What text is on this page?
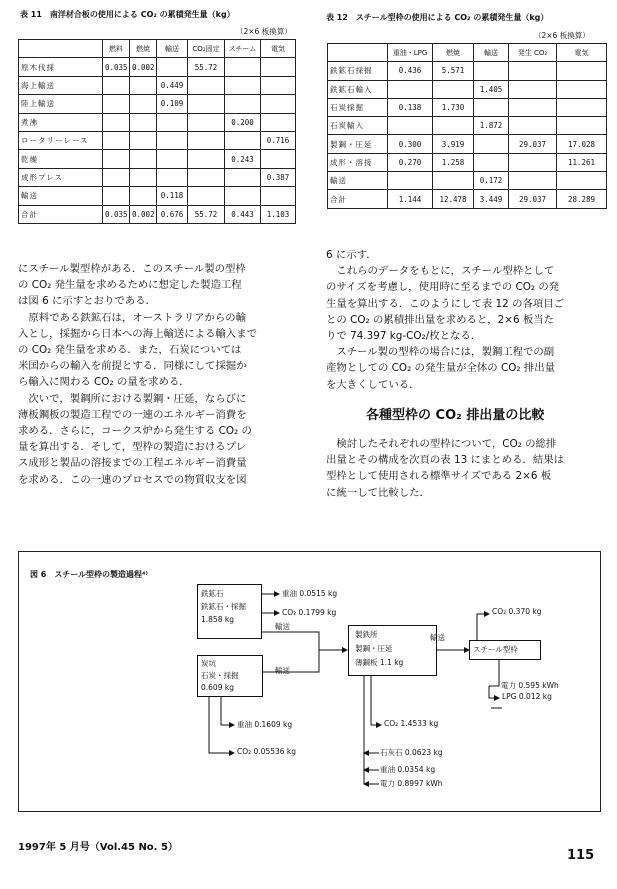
表 11　南洋材合板の使用による CO₂ の累積発生量（kg）
（2×6 板換算）
	燃料	燃焼	輸送	CO₂固定	スチーム	電気
原木伐採	0.035	0.002		55.72		
海上輸送			0.449			
陸上輸送			0.109			
煮沸					0.200	
ロータリーレース						0.716
乾燥					0.243	
成形プレス						0.387
輸送			0.118			
合計	0.035	0.002	0.676	55.72	0.443	1.103
表 12　スチール型枠の使用による CO₂ の累積発生量（kg）
（2×6 板換算）
	重油・LPG	燃焼	輸送	発生 CO₂	電気
鉄鉱石採掘	0.436	5.571			
鉄鉱石輸入			1.405		
石炭採掘	0.138	1.730			
石炭輸入			1.872		
製鋼・圧延	0.300	3.919		29.037	17.028
成形・溶接	0.270	1.258			11.261
輸送			0.172		
合計	1.144	12.478	3.449	29.037	28.289

にスチール製型枠がある．このスチール製の型枠

の CO₂ 発生量を求めるために想定した製造工程

は図 6 に示すとおりである．

　原料である鉄鉱石は，オーストラリアからの輸

入とし，採掘から日本への海上輸送による輸入まで

の CO₂ 発生量を求める．また，石炭については

米国からの輸入を前提とする．同様にして採掘か

ら輸入に関わる CO₂ の量を求める．

　次いで，製鋼所における製鋼・圧延，ならびに

薄板鋼板の製造工程での一連のエネルギー消費を

求める．さらに，コークス炉から発生する CO₂ の

量を算出する．そして，型枠の製造におけるプレ

ス成形と製品の溶接までの工程エネルギー消費量

を求める．この一連のプロセスでの物質収支を図

6 に示す．

　これらのデータをもとに，スチール型枠として

のサイズを考慮し，使用時に至るまでの CO₂ の発

生量を算出する．このようにして表 12 の各項目ご

との CO₂ の累積排出量を求めると，2×6 板当た

りで 74.397 kg-CO₂/枚となる．

　スチール製の型枠の場合には，製鋼工程での副

産物としての CO₂ の発生量が全体の CO₂ 排出量

を大きくしている．

各種型枠の CO₂ 排出量の比較

　検討したそれぞれの型枠について，CO₂ の総排

出量とその構成を次頁の表 13 にまとめる．結果は

型枠として使用される標準サイズである 2×6 板

に統一して比較した．

図 6　スチール型枠の製造過程⁴⁾
鉄鉱石
鉄鉱石・採掘
1.858 kg
重油 0.0515 kg
CO₂ 0.1799 kg
輸送
炭坑
石炭・採掘
0.609 kg
輸送
重油 0.1609 kg
CO₂ 0.05536 kg
製鉄所
製鋼・圧延
薄鋼板 1.1 kg
輸送
CO₂ 1.4533 kg
石灰石 0.0623 kg
重油 0.0354 kg
電力 0.8997 kWh
スチール型枠
CO₂ 0.370 kg
電力 0.595 kWh
LPG 0.012 kg
1997年 5 月号（Vol.45 No. 5）
115
